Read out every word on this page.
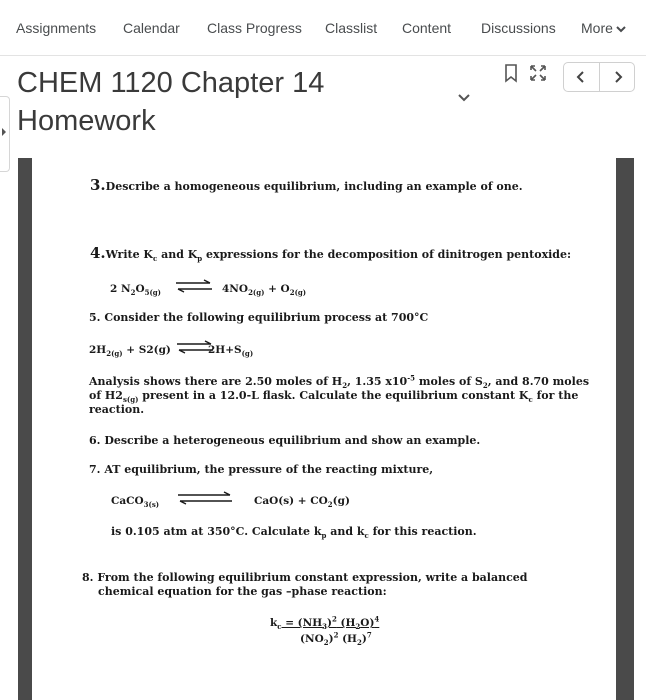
Assignments Calendar Class Progress Classlist Content Discussions More
CHEM 1120 Chapter 14
Homework
3.Describe a homogeneous equilibrium, including an example of one.
4.Write $K_c$ and $K_p$ expressions for the decomposition of dinitrogen pentoxide:
2 $N_2O_{5(g)}$ ⇌ $4NO_{2(g)} + O_{2(g)}$
5. Consider the following equilibrium process at 700°C
$2H_{2(g)} + S2(g)$ ⇌
$2H+S_{(g)}$
Analysis shows there are 2.50 moles of $H_2$, 1.35 $x10^{-5}$ moles of $S_2$, and 8.70 moles
of $H2_{s(g)}$ present in a 12.0-L flask. Calculate the equilibrium constant $K_c$ for the
reaction.
6. Describe a heterogeneous equilibrium and show an example.
7. AT equilibrium, the pressure of the reacting mixture,
CaCO$_{3(s)}$ ⇌ $CaO(s) + CO_2(g)$
is 0.105 atm at 350°C. Calculate $k_p$ and $k_c$ for this reaction.
8. From the following equilibrium constant expression, write a balanced
chemical equation for the gas –phase reaction:
$k_c = (NH_3)^2$ $(H_2O)^4$
$(NO_2)^2$ $(H_2)^7$
